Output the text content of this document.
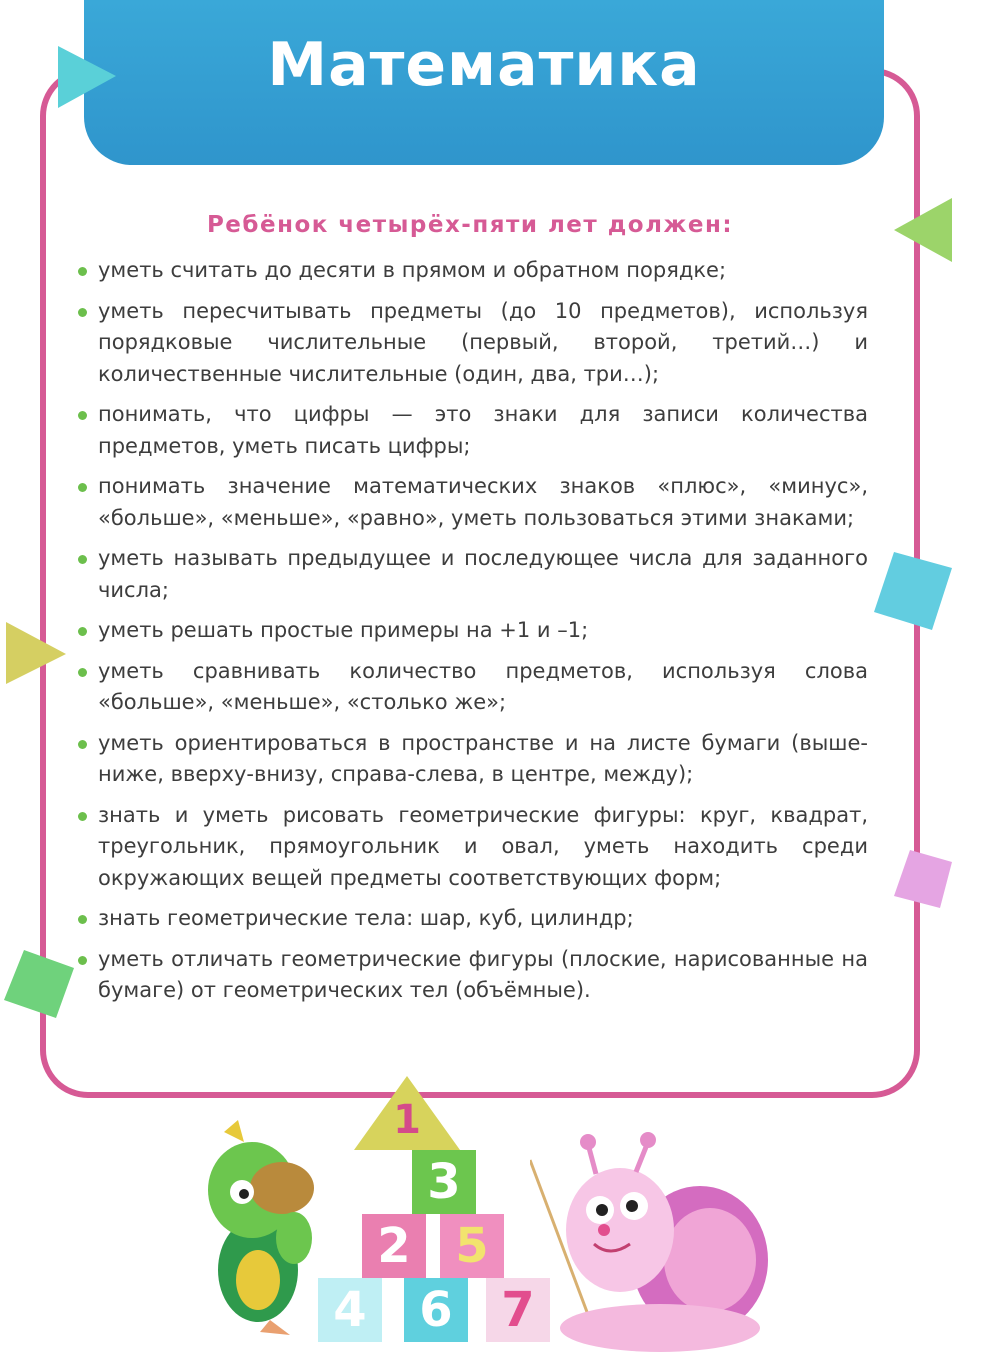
Математика
Ребёнок четырёх-пяти лет должен:
уметь считать до десяти в прямом и обратном порядке;
уметь пересчитывать предметы (до 10 предметов), используя порядковые числительные (первый, второй, третий…) и количественные числительные (один, два, три…);
понимать, что цифры — это знаки для записи количества предметов, уметь писать цифры;
понимать значение математических знаков «плюс», «минус», «больше», «меньше», «равно», уметь пользоваться этими знаками;
уметь называть предыдущее и последующее числа для заданного числа;
уметь решать простые примеры на +1 и –1;
уметь сравнивать количество предметов, используя слова «больше», «меньше», «столько же»;
уметь ориентироваться в пространстве и на листе бумаги (выше-ниже, вверху-внизу, справа-слева, в центре, между);
знать и уметь рисовать геометрические фигуры: круг, квадрат, треугольник, прямоугольник и овал, уметь находить среди окружающих вещей предметы соответствующих форм;
знать геометрические тела: шар, куб, цилиндр;
уметь отличать геометрические фигуры (плоские, нарисованные на бумаге) от геометрических тел (объёмные).
1
3
2 5
4	6	7
